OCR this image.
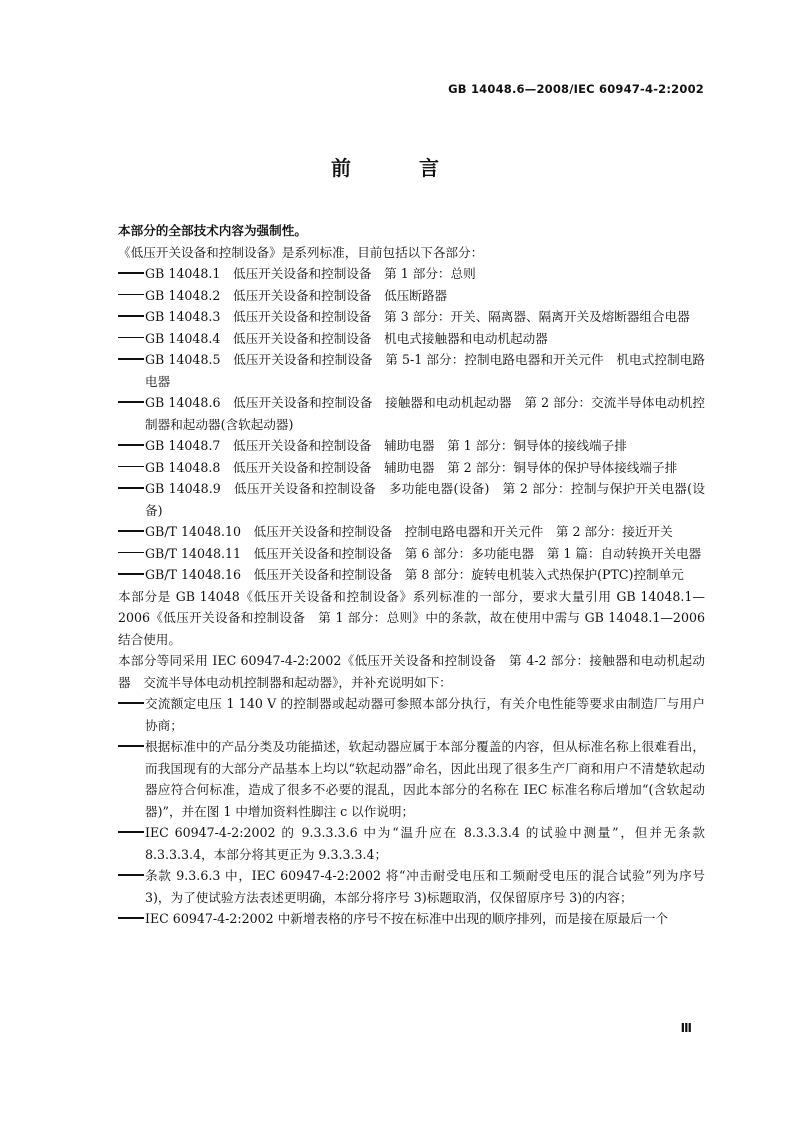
GB 14048.6—2008/IEC 60947-4-2:2002
前　言

本部分的全部技术内容为强制性。

《低压开关设备和控制设备》是系列标准，目前包括以下各部分：

GB 14048.1　低压开关设备和控制设备　第 1 部分：总则
GB 14048.2　低压开关设备和控制设备　低压断路器
GB 14048.3　低压开关设备和控制设备　第 3 部分：开关、隔离器、隔离开关及熔断器组合电器
GB 14048.4　低压开关设备和控制设备　机电式接触器和电动机起动器
GB 14048.5　低压开关设备和控制设备　第 5-1 部分：控制电路电器和开关元件　机电式控制电路电器
GB 14048.6　低压开关设备和控制设备　接触器和电动机起动器　第 2 部分：交流半导体电动机控制器和起动器(含软起动器)
GB 14048.7　低压开关设备和控制设备　辅助电器　第 1 部分：铜导体的接线端子排
GB 14048.8　低压开关设备和控制设备　辅助电器　第 2 部分：铜导体的保护导体接线端子排
GB 14048.9　低压开关设备和控制设备　多功能电器(设备)　第 2 部分：控制与保护开关电器(设备)
GB/T 14048.10　低压开关设备和控制设备　控制电路电器和开关元件　第 2 部分：接近开关
GB/T 14048.11　低压开关设备和控制设备　第 6 部分：多功能电器　第 1 篇：自动转换开关电器
GB/T 14048.16　低压开关设备和控制设备　第 8 部分：旋转电机装入式热保护(PTC)控制单元

本部分是 GB 14048《低压开关设备和控制设备》系列标准的一部分，要求大量引用 GB 14048.1—2006《低压开关设备和控制设备　第 1 部分：总则》中的条款，故在使用中需与 GB 14048.1—2006 结合使用。

本部分等同采用 IEC 60947-4-2:2002《低压开关设备和控制设备　第 4-2 部分：接触器和电动机起动器　交流半导体电动机控制器和起动器》，并补充说明如下：

交流额定电压 1 140 V 的控制器或起动器可参照本部分执行，有关介电性能等要求由制造厂与用户协商；
根据标准中的产品分类及功能描述，软起动器应属于本部分覆盖的内容，但从标准名称上很难看出，而我国现有的大部分产品基本上均以“软起动器”命名，因此出现了很多生产厂商和用户不清楚软起动器应符合何标准，造成了很多不必要的混乱，因此本部分的名称在 IEC 标准名称后增加“(含软起动器)”，并在图 1 中增加资料性脚注 c 以作说明；
IEC 60947-4-2:2002 的 9.3.3.3.6 中为“温升应在 8.3.3.3.4 的试验中测量”，但并无条款 8.3.3.3.4，本部分将其更正为 9.3.3.3.4；
条款 9.3.6.3 中，IEC 60947-4-2:2002 将“冲击耐受电压和工频耐受电压的混合试验”列为序号 3)，为了使试验方法表述更明确，本部分将序号 3)标题取消，仅保留原序号 3)的内容；
IEC 60947-4-2:2002 中新增表格的序号不按在标准中出现的顺序排列，而是接在原最后一个
Ⅲ
